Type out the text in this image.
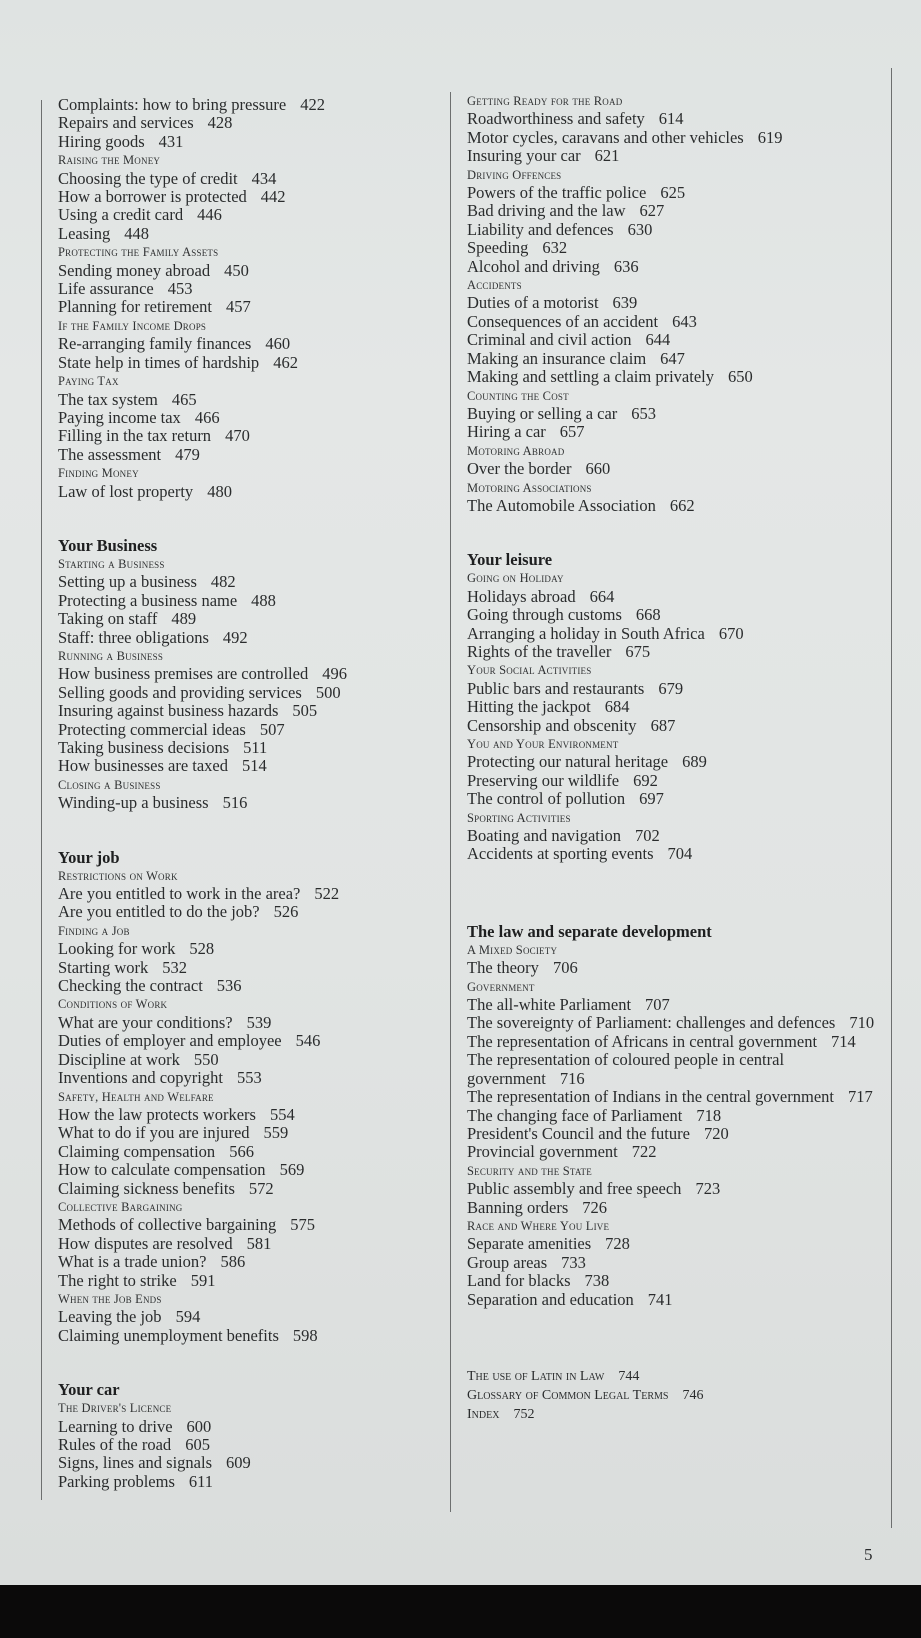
Complaints: how to bring pressure 422
Repairs and services 428
Hiring goods 431
Raising the Money
Choosing the type of credit 434
How a borrower is protected 442
Using a credit card 446
Leasing 448
Protecting the Family Assets
Sending money abroad 450
Life assurance 453
Planning for retirement 457
If the Family Income Drops
Re-arranging family finances 460
State help in times of hardship 462
Paying Tax
The tax system 465
Paying income tax 466
Filling in the tax return 470
The assessment 479
Finding Money
Law of lost property 480
Your Business
Starting a Business
Setting up a business 482
Protecting a business name 488
Taking on staff 489
Staff: three obligations 492
Running a Business
How business premises are controlled 496
Selling goods and providing services 500
Insuring against business hazards 505
Protecting commercial ideas 507
Taking business decisions 511
How businesses are taxed 514
Closing a Business
Winding-up a business 516
Your job
Restrictions on Work
Are you entitled to work in the area? 522
Are you entitled to do the job? 526
Finding a Job
Looking for work 528
Starting work 532
Checking the contract 536
Conditions of Work
What are your conditions? 539
Duties of employer and employee 546
Discipline at work 550
Inventions and copyright 553
Safety, Health and Welfare
How the law protects workers 554
What to do if you are injured 559
Claiming compensation 566
How to calculate compensation 569
Claiming sickness benefits 572
Collective Bargaining
Methods of collective bargaining 575
How disputes are resolved 581
What is a trade union? 586
The right to strike 591
When the Job Ends
Leaving the job 594
Claiming unemployment benefits 598
Your car
The Driver's Licence
Learning to drive 600
Rules of the road 605
Signs, lines and signals 609
Parking problems 611
Getting Ready for the Road
Roadworthiness and safety 614
Motor cycles, caravans and other vehicles 619
Insuring your car 621
Driving Offences
Powers of the traffic police 625
Bad driving and the law 627
Liability and defences 630
Speeding 632
Alcohol and driving 636
Accidents
Duties of a motorist 639
Consequences of an accident 643
Criminal and civil action 644
Making an insurance claim 647
Making and settling a claim privately 650
Counting the Cost
Buying or selling a car 653
Hiring a car 657
Motoring Abroad
Over the border 660
Motoring Associations
The Automobile Association 662
Your leisure
Going on Holiday
Holidays abroad 664
Going through customs 668
Arranging a holiday in South Africa 670
Rights of the traveller 675
Your Social Activities
Public bars and restaurants 679
Hitting the jackpot 684
Censorship and obscenity 687
You and Your Environment
Protecting our natural heritage 689
Preserving our wildlife 692
The control of pollution 697
Sporting Activities
Boating and navigation 702
Accidents at sporting events 704
The law and separate development
A Mixed Society
The theory 706
Government
The all-white Parliament 707
The sovereignty of Parliament: challenges and defences 710
The representation of Africans in central government 714
The representation of coloured people in central government 716
The representation of Indians in the central government 717
The changing face of Parliament 718
President's Council and the future 720
Provincial government 722
Security and the State
Public assembly and free speech 723
Banning orders 726
Race and Where You Live
Separate amenities 728
Group areas 733
Land for blacks 738
Separation and education 741
The use of Latin in Law 744
Glossary of Common Legal Terms 746
Index 752
5
